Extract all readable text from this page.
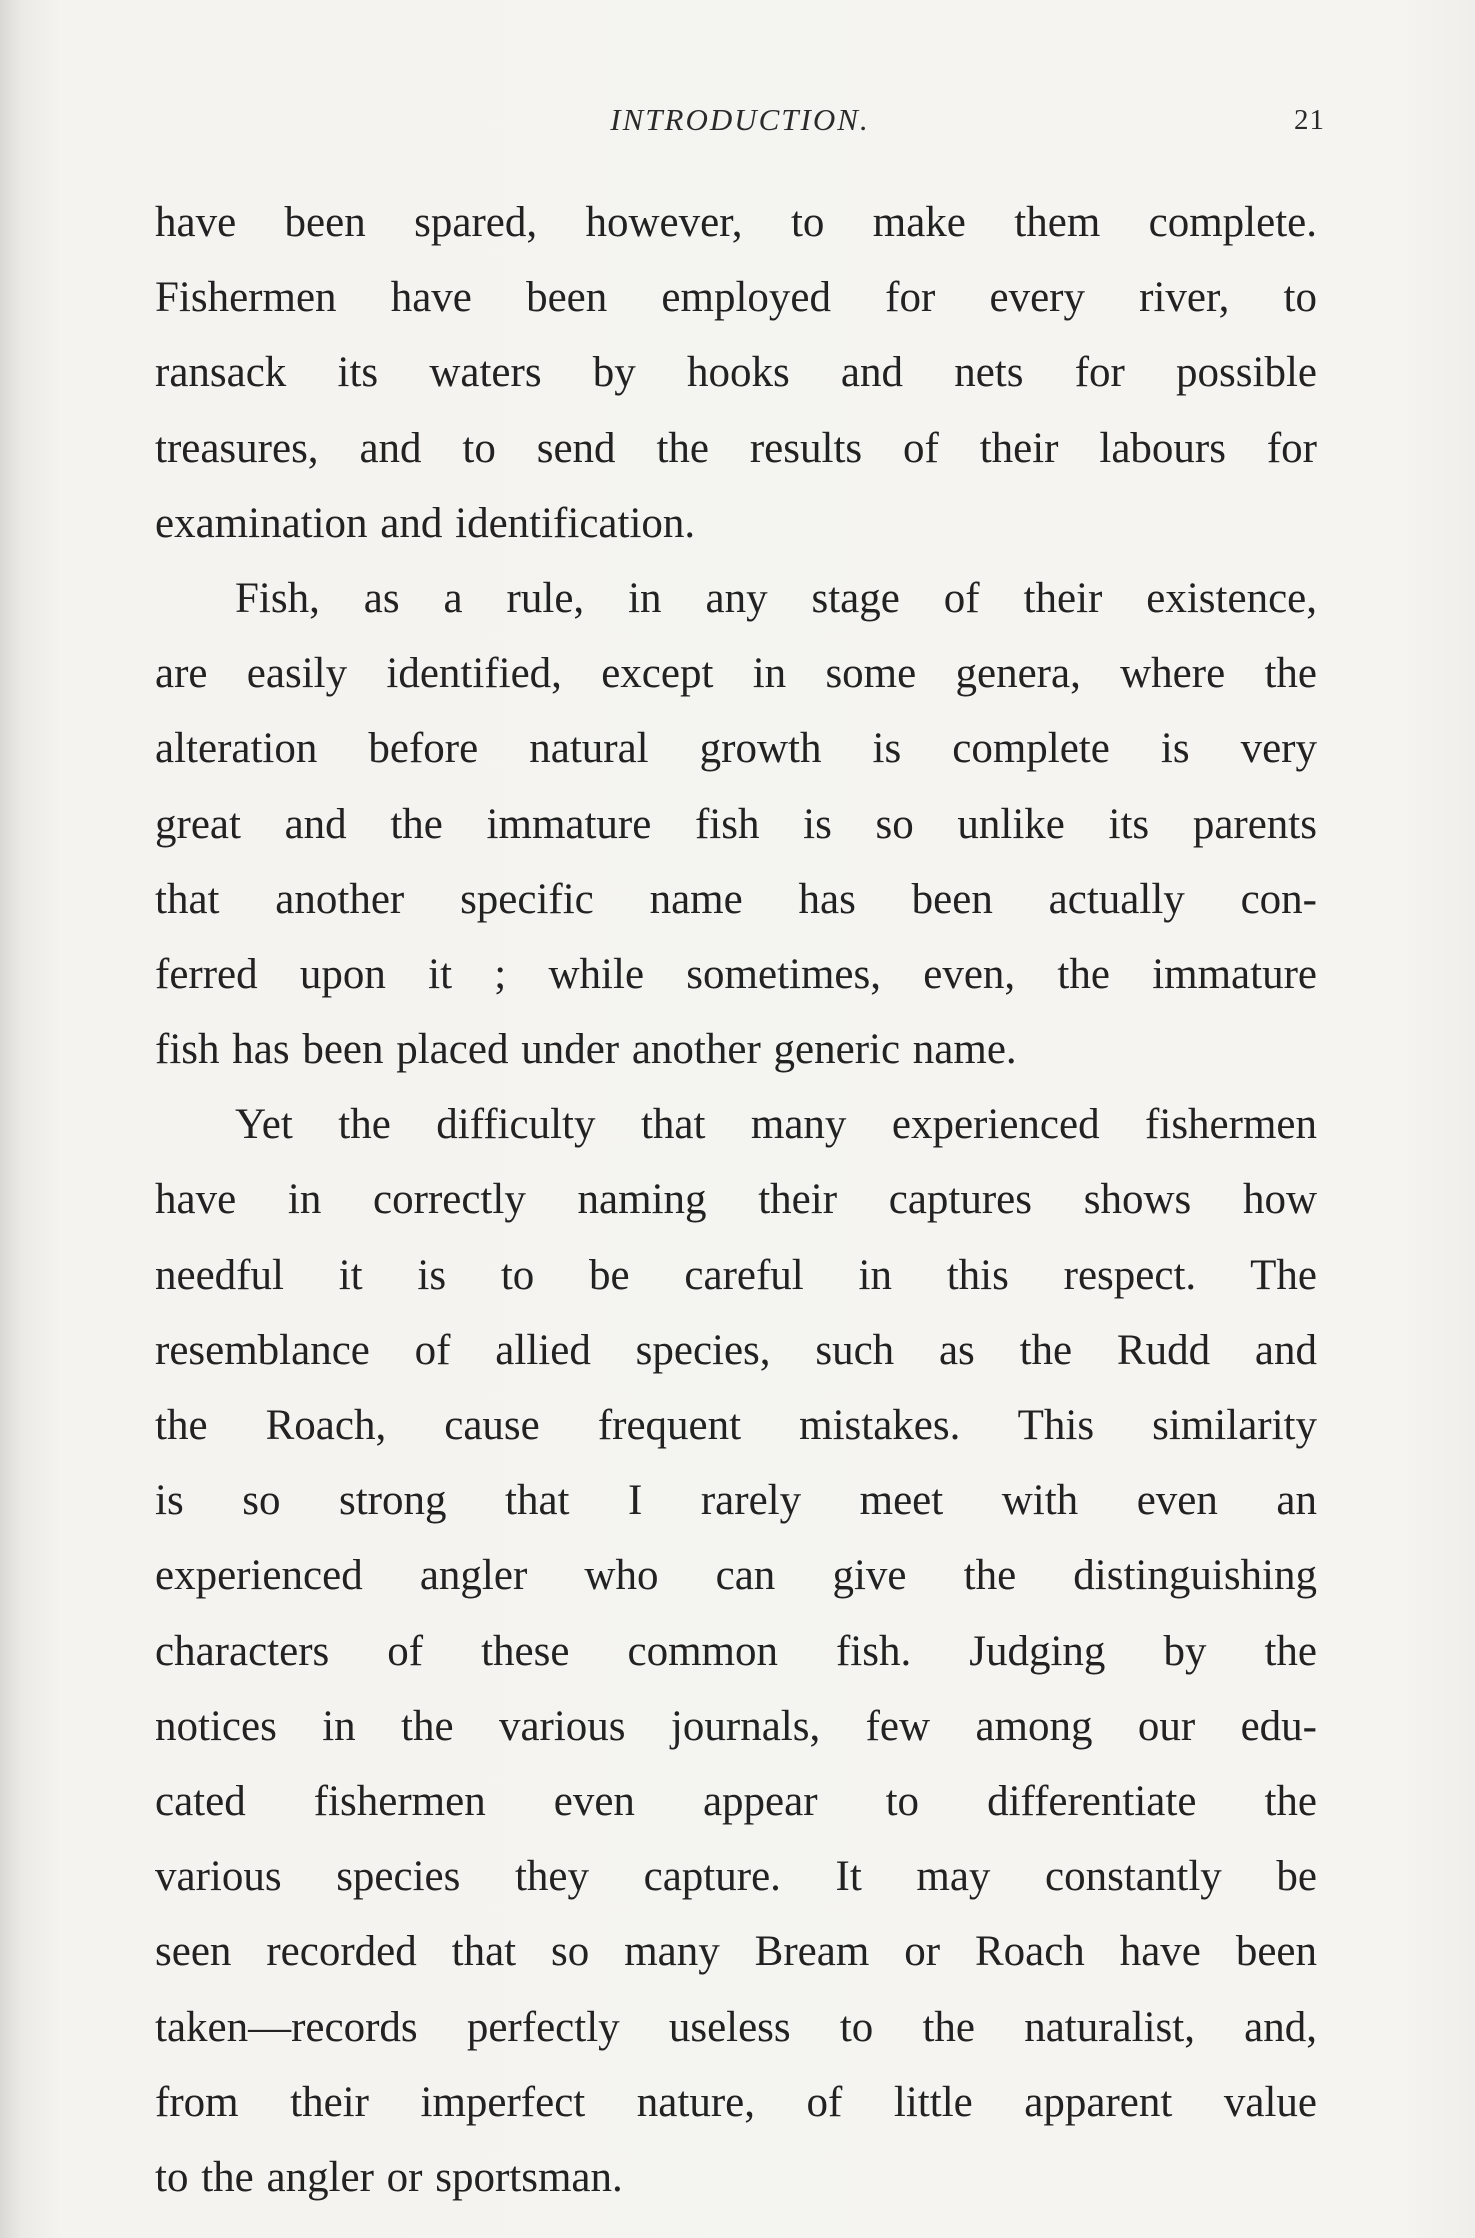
INTRODUCTION.	21
have been spared, however, to make them complete.
Fishermen have been employed for every river, to
ransack its waters by hooks and nets for possible
treasures, and to send the results of their labours for
examination and identification.
Fish, as a rule, in any stage of their existence,
are easily identified, except in some genera, where the
alteration before natural growth is complete is very
great and the immature fish is so unlike its parents
that another specific name has been actually con-
ferred upon it ; while sometimes, even, the immature
fish has been placed under another generic name.
Yet the difficulty that many experienced fishermen
have in correctly naming their captures shows how
needful it is to be careful in this respect. The
resemblance of allied species, such as the Rudd and
the Roach, cause frequent mistakes. This similarity
is so strong that I rarely meet with even an
experienced angler who can give the distinguishing
characters of these common fish. Judging by the
notices in the various journals, few among our edu-
cated fishermen even appear to differentiate the
various species they capture. It may constantly be
seen recorded that so many Bream or Roach have been
taken—records perfectly useless to the naturalist, and,
from their imperfect nature, of little apparent value
to the angler or sportsman.
